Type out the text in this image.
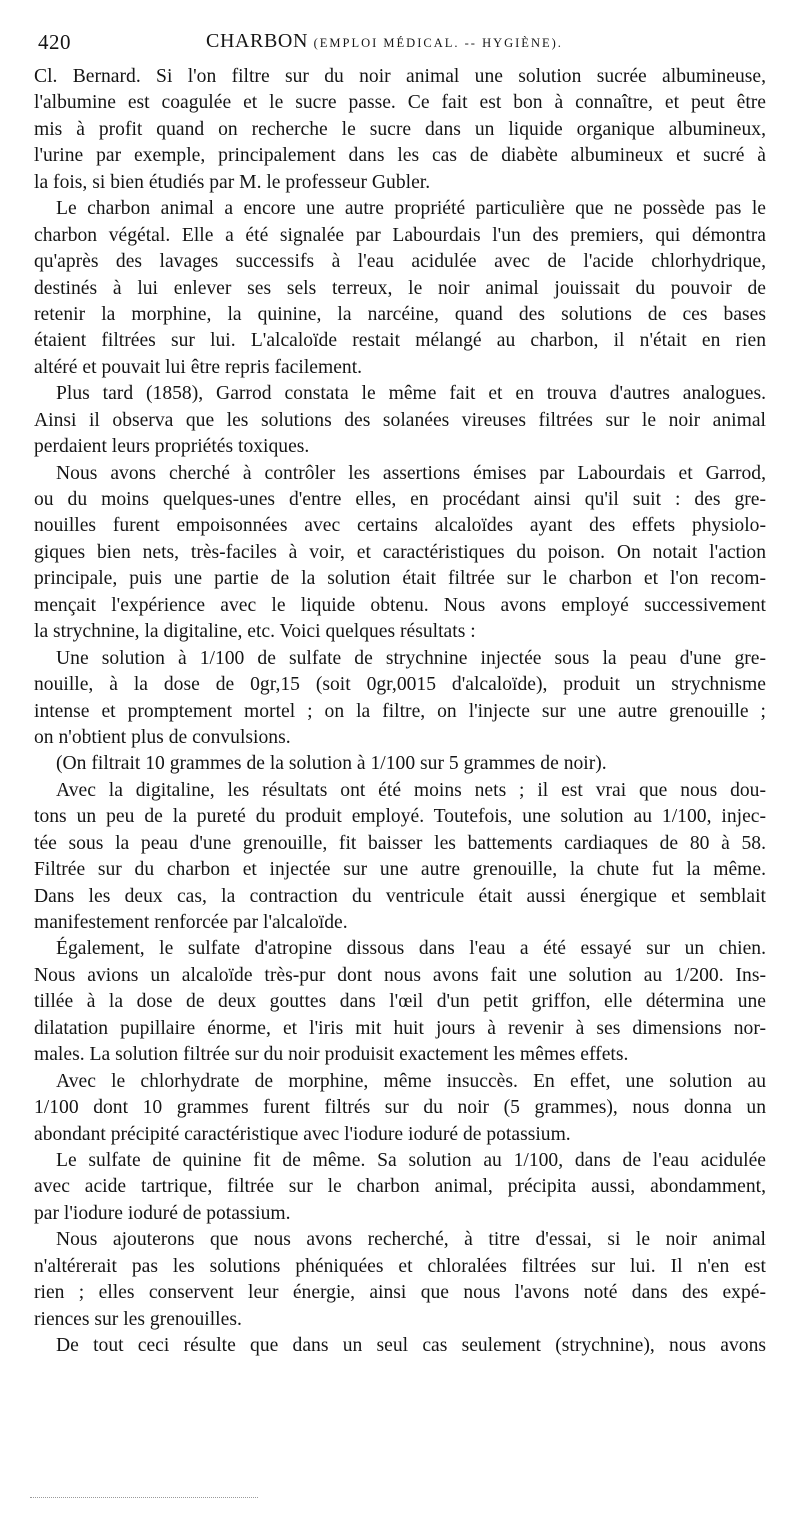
420	CHARBON (EMPLOI MÉDICAL. -- HYGIÈNE).
Cl. Bernard. Si l'on filtre sur du noir animal une solution sucrée albumineuse,
l'albumine est coagulée et le sucre passe. Ce fait est bon à connaître, et peut être
mis à profit quand on recherche le sucre dans un liquide organique albumineux,
l'urine par exemple, principalement dans les cas de diabète albumineux et sucré à
la fois, si bien étudiés par M. le professeur Gubler.
Le charbon animal a encore une autre propriété particulière que ne possède pas le
charbon végétal. Elle a été signalée par Labourdais l'un des premiers, qui démontra
qu'après des lavages successifs à l'eau acidulée avec de l'acide chlorhydrique,
destinés à lui enlever ses sels terreux, le noir animal jouissait du pouvoir de
retenir la morphine, la quinine, la narcéine, quand des solutions de ces bases
étaient filtrées sur lui. L'alcaloïde restait mélangé au charbon, il n'était en rien
altéré et pouvait lui être repris facilement.
Plus tard (1858), Garrod constata le même fait et en trouva d'autres analogues.
Ainsi il observa que les solutions des solanées vireuses filtrées sur le noir animal
perdaient leurs propriétés toxiques.
Nous avons cherché à contrôler les assertions émises par Labourdais et Garrod,
ou du moins quelques-unes d'entre elles, en procédant ainsi qu'il suit : des gre-
nouilles furent empoisonnées avec certains alcaloïdes ayant des effets physiolo-
giques bien nets, très-faciles à voir, et caractéristiques du poison. On notait l'action
principale, puis une partie de la solution était filtrée sur le charbon et l'on recom-
mençait l'expérience avec le liquide obtenu. Nous avons employé successivement
la strychnine, la digitaline, etc. Voici quelques résultats :
Une solution à 1/100 de sulfate de strychnine injectée sous la peau d'une gre-
nouille, à la dose de 0gr,15 (soit 0gr,0015 d'alcaloïde), produit un strychnisme
intense et promptement mortel ; on la filtre, on l'injecte sur une autre grenouille ;
on n'obtient plus de convulsions.
(On filtrait 10 grammes de la solution à 1/100 sur 5 grammes de noir).
Avec la digitaline, les résultats ont été moins nets ; il est vrai que nous dou-
tons un peu de la pureté du produit employé. Toutefois, une solution au 1/100, injec-
tée sous la peau d'une grenouille, fit baisser les battements cardiaques de 80 à 58.
Filtrée sur du charbon et injectée sur une autre grenouille, la chute fut la même.
Dans les deux cas, la contraction du ventricule était aussi énergique et semblait
manifestement renforcée par l'alcaloïde.
Également, le sulfate d'atropine dissous dans l'eau a été essayé sur un chien.
Nous avions un alcaloïde très-pur dont nous avons fait une solution au 1/200. Ins-
tillée à la dose de deux gouttes dans l'œil d'un petit griffon, elle détermina une
dilatation pupillaire énorme, et l'iris mit huit jours à revenir à ses dimensions nor-
males. La solution filtrée sur du noir produisit exactement les mêmes effets.
Avec le chlorhydrate de morphine, même insuccès. En effet, une solution au
1/100 dont 10 grammes furent filtrés sur du noir (5 grammes), nous donna un
abondant précipité caractéristique avec l'iodure ioduré de potassium.
Le sulfate de quinine fit de même. Sa solution au 1/100, dans de l'eau acidulée
avec acide tartrique, filtrée sur le charbon animal, précipita aussi, abondamment,
par l'iodure ioduré de potassium.
Nous ajouterons que nous avons recherché, à titre d'essai, si le noir animal
n'altérerait pas les solutions phéniquées et chloralées filtrées sur lui. Il n'en est
rien ; elles conservent leur énergie, ainsi que nous l'avons noté dans des expé-
riences sur les grenouilles.
De tout ceci résulte que dans un seul cas seulement (strychnine), nous avons
